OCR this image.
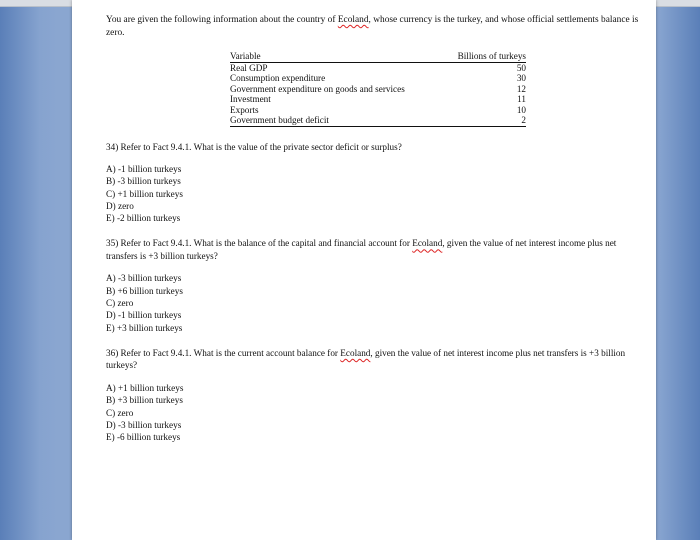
You are given the following information about the country of Ecoland, whose currency is the turkey, and whose official settlements balance is zero.

Variable	Billions of turkeys
Real GDP	50
Consumption expenditure	30
Government expenditure on goods and services	12
Investment	11
Exports	10
Government budget deficit	2

34) Refer to Fact 9.4.1. What is the value of the private sector deficit or surplus?

A) -1 billion turkeys
B) -3 billion turkeys
C) +1 billion turkeys
D) zero
E) -2 billion turkeys

35) Refer to Fact 9.4.1. What is the balance of the capital and financial account for Ecoland, given the value of net interest income plus net transfers is +3 billion turkeys?

A) -3 billion turkeys
B) +6 billion turkeys
C) zero
D) -1 billion turkeys
E) +3 billion turkeys

36) Refer to Fact 9.4.1. What is the current account balance for Ecoland, given the value of net interest income plus net transfers is +3 billion turkeys?

A) +1 billion turkeys
B) +3 billion turkeys
C) zero
D) -3 billion turkeys
E) -6 billion turkeys
